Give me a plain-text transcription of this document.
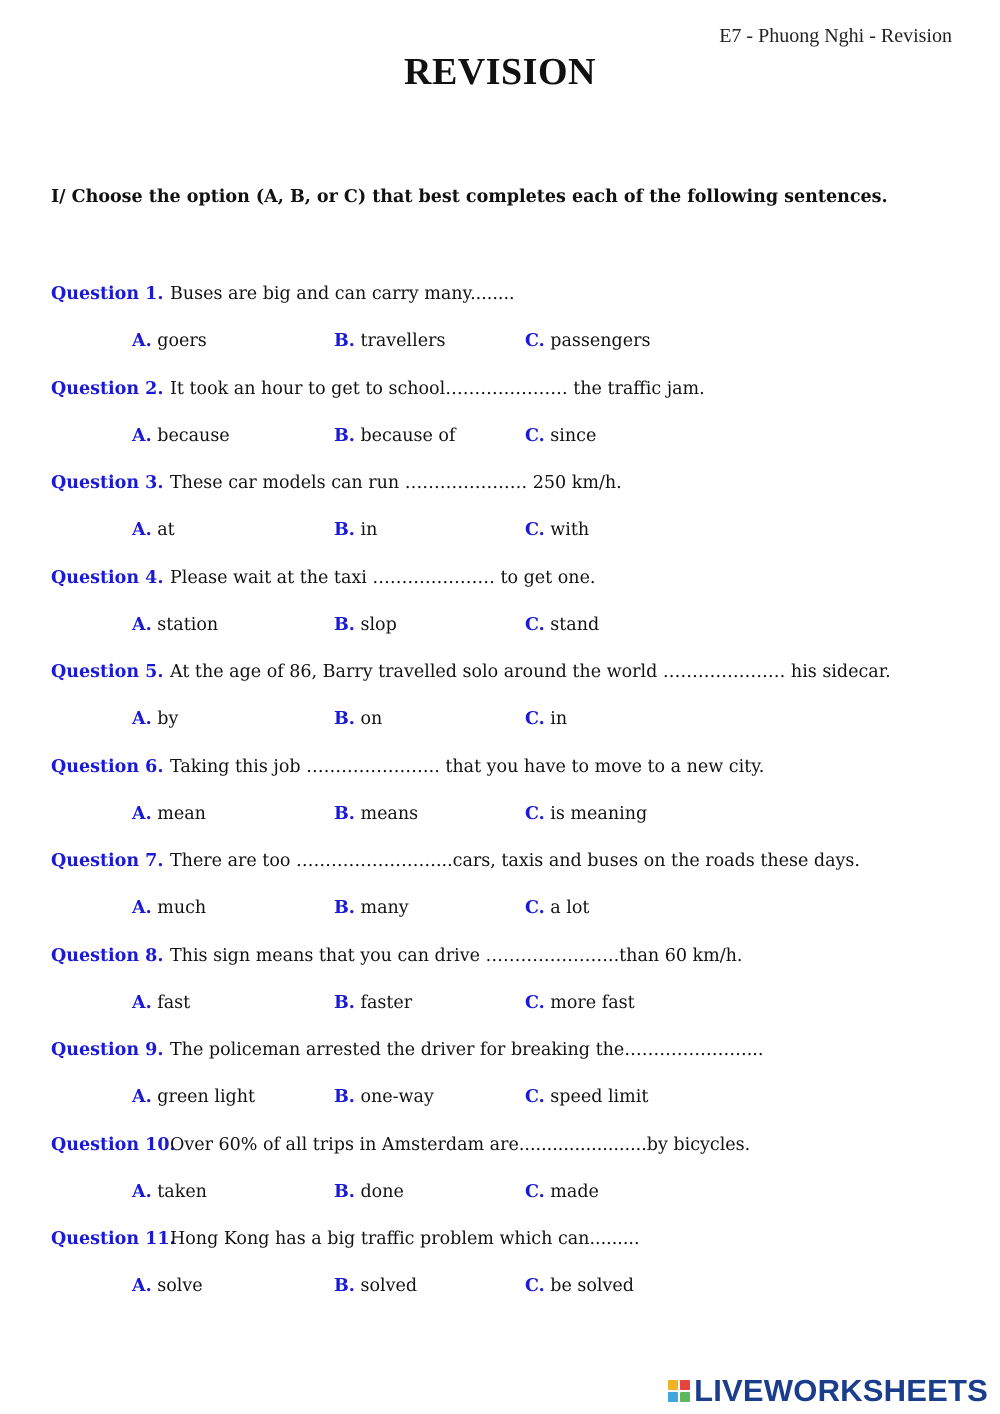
E7 - Phuong Nghi - Revision
REVISION
I/ Choose the option (A, B, or C) that best completes each of the following sentences.
Question 1. Buses are big and can carry many........
A. goers	B. travellers	C. passengers
Question 2. It took an hour to get to school………………… the traffic jam.
A. because	B. because of	C. since
Question 3. These car models can run ………………… 250 km/h.
A. at	B. in	C. with
Question 4. Please wait at the taxi ………………… to get one.
A. station	B. slop	C. stand
Question 5. At the age of 86, Barry travelled solo around the world ………………… his sidecar.
A. by	B. on	C. in
Question 6. Taking this job ………………….. that you have to move to a new city.
A. mean	B. means	C. is meaning
Question 7. There are too ……………………...cars, taxis and buses on the roads these days.
A. much	B. many	C. a lot
Question 8. This sign means that you can drive …………………..than 60 km/h.
A. fast	B. faster	C. more fast
Question 9. The policeman arrested the driver for breaking the…………………...
A. green light	B. one-way	C. speed limit
Question 10.
Over 60% of all trips in Amsterdam are.......................by bicycles.
A. taken	B. done	C. made
Question 11.
Hong Kong has a big traffic problem which can.........
A. solve	B. solved	C. be solved
LIVEWORKSHEETS
